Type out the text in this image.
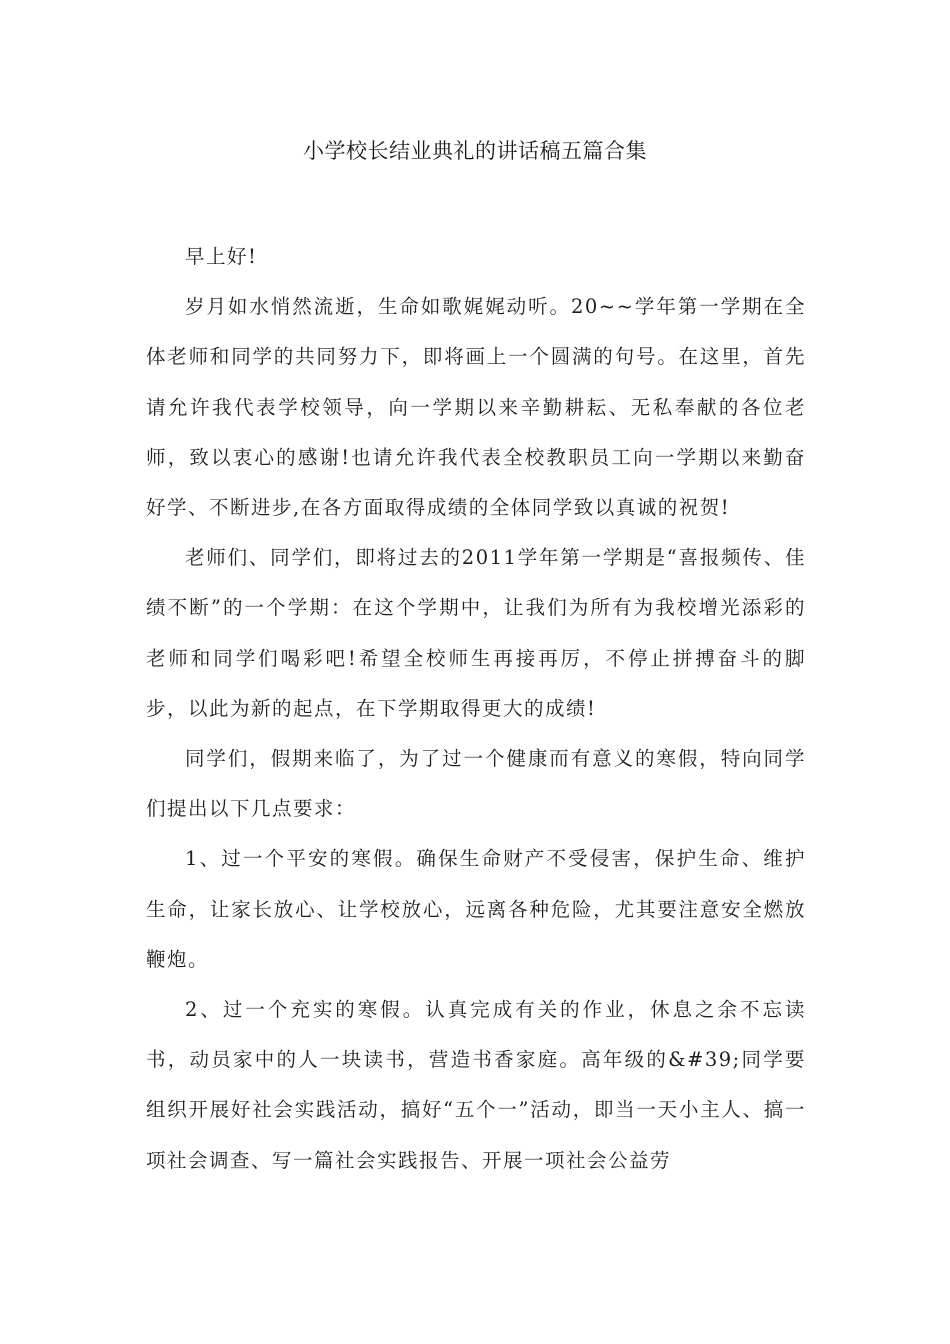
小学校长结业典礼的讲话稿五篇合集

早上好!

岁月如水悄然流逝，生命如歌娓娓动听。20~~学年第一学期在全体老师和同学的共同努力下，即将画上一个圆满的句号。在这里，首先请允许我代表学校领导，向一学期以来辛勤耕耘、无私奉献的各位老师，致以衷心的感谢!也请允许我代表全校教职员工向一学期以来勤奋好学、不断进步,在各方面取得成绩的全体同学致以真诚的祝贺!

老师们、同学们，即将过去的2011学年第一学期是“喜报频传、佳绩不断”的一个学期：在这个学期中，让我们为所有为我校增光添彩的老师和同学们喝彩吧!希望全校师生再接再厉，不停止拼搏奋斗的脚步，以此为新的起点，在下学期取得更大的成绩!

同学们，假期来临了，为了过一个健康而有意义的寒假，特向同学们提出以下几点要求：

1、过一个平安的寒假。确保生命财产不受侵害，保护生命、维护生命，让家长放心、让学校放心，远离各种危险，尤其要注意安全燃放鞭炮。

2、过一个充实的寒假。认真完成有关的作业，休息之余不忘读书，动员家中的人一块读书，营造书香家庭。高年级的&#39;同学要组织开展好社会实践活动，搞好“五个一”活动，即当一天小主人、搞一项社会调查、写一篇社会实践报告、开展一项社会公益劳
